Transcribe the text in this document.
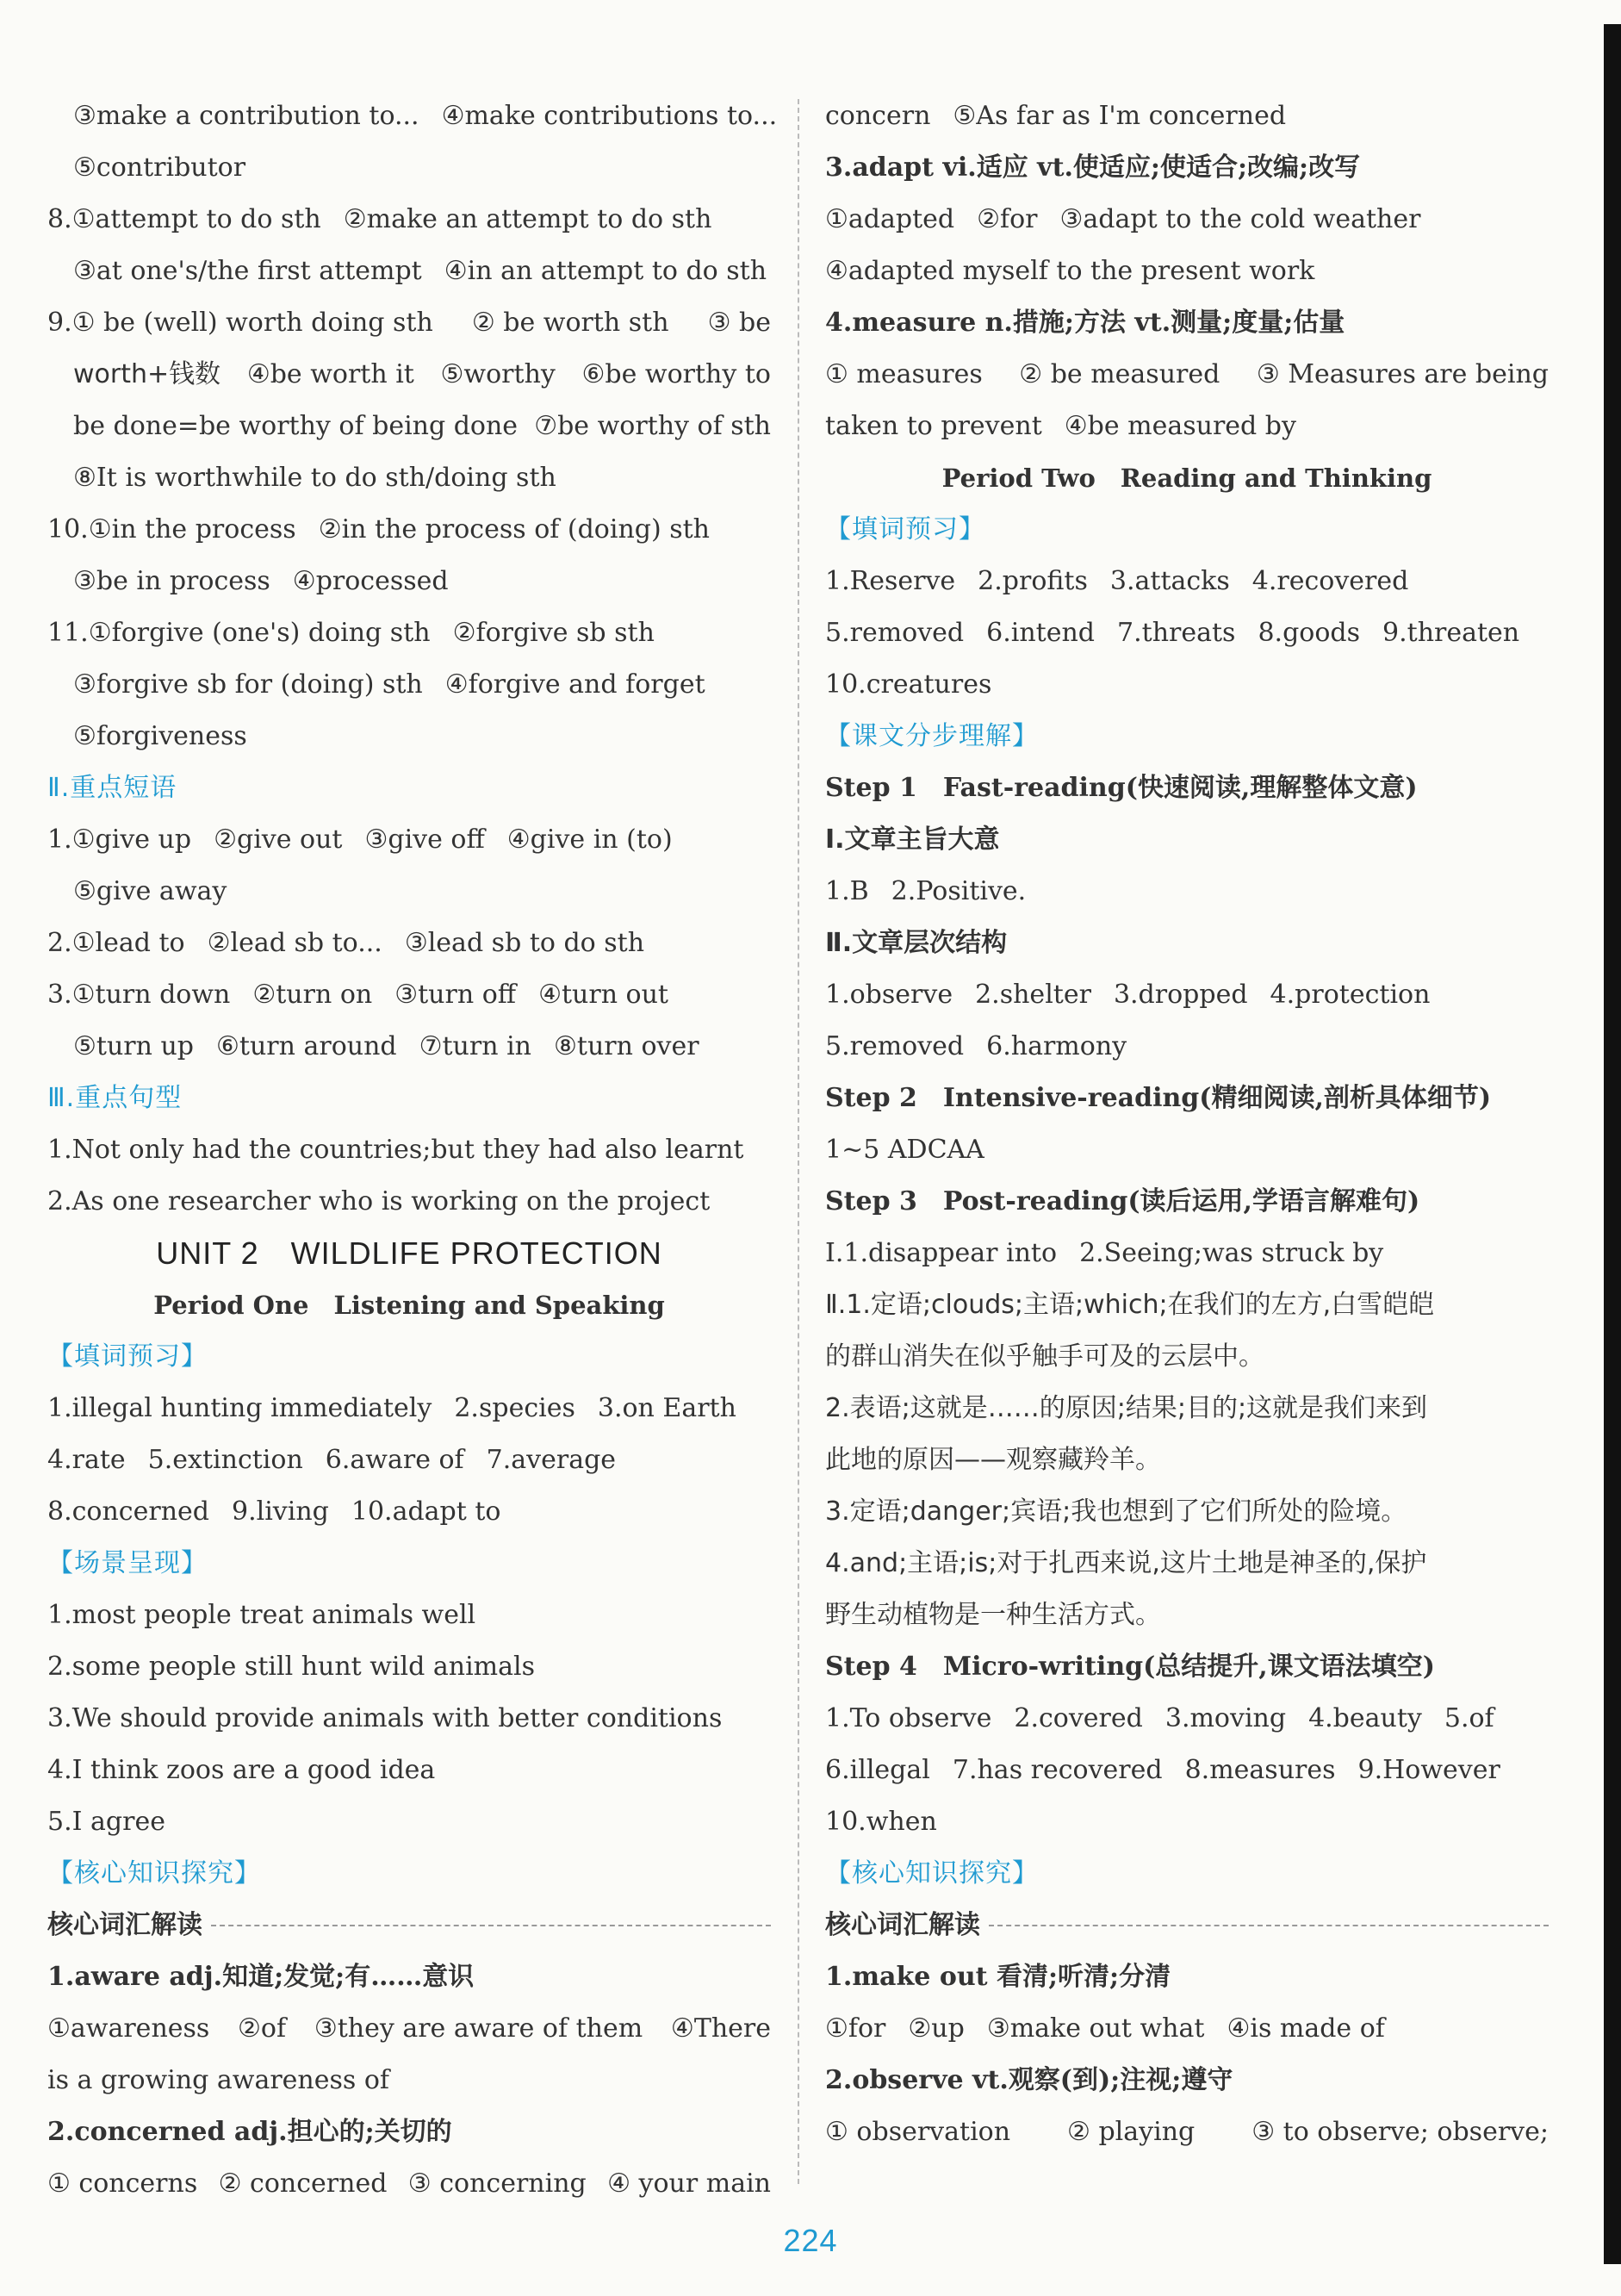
③make a contribution to... ④make contributions to...
⑤contributor
8.①attempt to do sth ②make an attempt to do sth
③at one's/the first attempt ④in an attempt to do sth
9.① be (well) worth doing sth ② be worth sth ③ be
worth+钱数 ④be worth it ⑤worthy ⑥be worthy to
be done=be worthy of being done ⑦be worthy of sth
⑧It is worthwhile to do sth/doing sth
10.①in the process ②in the process of (doing) sth
③be in process ④processed
11.①forgive (one's) doing sth ②forgive sb sth
③forgive sb for (doing) sth ④forgive and forget
⑤forgiveness
Ⅱ.重点短语
1.①give up ②give out ③give off ④give in (to)
⑤give away
2.①lead to ②lead sb to... ③lead sb to do sth
3.①turn down ②turn on ③turn off ④turn out
⑤turn up ⑥turn around ⑦turn in ⑧turn over
Ⅲ.重点句型
1.Not only had the countries;but they had also learnt
2.As one researcher who is working on the project
UNIT 2　WILDLIFE PROTECTION
Period One　Listening and Speaking
【填词预习】
1.illegal hunting immediately 2.species 3.on Earth
4.rate 5.extinction 6.aware of 7.average
8.concerned 9.living 10.adapt to
【场景呈现】
1.most people treat animals well
2.some people still hunt wild animals
3.We should provide animals with better conditions
4.I think zoos are a good idea
5.I agree
【核心知识探究】
核心词汇解读
1.aware adj.知道;发觉;有……意识
①awareness ②of ③they are aware of them ④There
is a growing awareness of
2.concerned adj.担心的;关切的
① concerns ② concerned ③ concerning ④ your main
concern ⑤As far as I'm concerned
3.adapt vi.适应 vt.使适应;使适合;改编;改写
①adapted ②for ③adapt to the cold weather
④adapted myself to the present work
4.measure n.措施;方法 vt.测量;度量;估量
① measures ② be measured ③ Measures are being
taken to prevent ④be measured by
Period Two　Reading and Thinking
【填词预习】
1.Reserve 2.profits 3.attacks 4.recovered
5.removed 6.intend 7.threats 8.goods 9.threaten
10.creatures
【课文分步理解】
Step 1　Fast-reading(快速阅读,理解整体文意)
Ⅰ.文章主旨大意
1.B 2.Positive.
Ⅱ.文章层次结构
1.observe 2.shelter 3.dropped 4.protection
5.removed 6.harmony
Step 2　Intensive-reading(精细阅读,剖析具体细节)
1~5 ADCAA
Step 3　Post-reading(读后运用,学语言解难句)
Ⅰ.1.disappear into 2.Seeing;was struck by
Ⅱ.1.定语;clouds;主语;which;在我们的左方,白雪皑皑
的群山消失在似乎触手可及的云层中。
2.表语;这就是……的原因;结果;目的;这就是我们来到
此地的原因——观察藏羚羊。
3.定语;danger;宾语;我也想到了它们所处的险境。
4.and;主语;is;对于扎西来说,这片土地是神圣的,保护
野生动植物是一种生活方式。
Step 4　Micro-writing(总结提升,课文语法填空)
1.To observe 2.covered 3.moving 4.beauty 5.of
6.illegal 7.has recovered 8.measures 9.However
10.when
【核心知识探究】
核心词汇解读
1.make out 看清;听清;分清
①for ②up ③make out what ④is made of
2.observe vt.观察(到);注视;遵守
① observation ② playing ③ to observe; observe;
224
